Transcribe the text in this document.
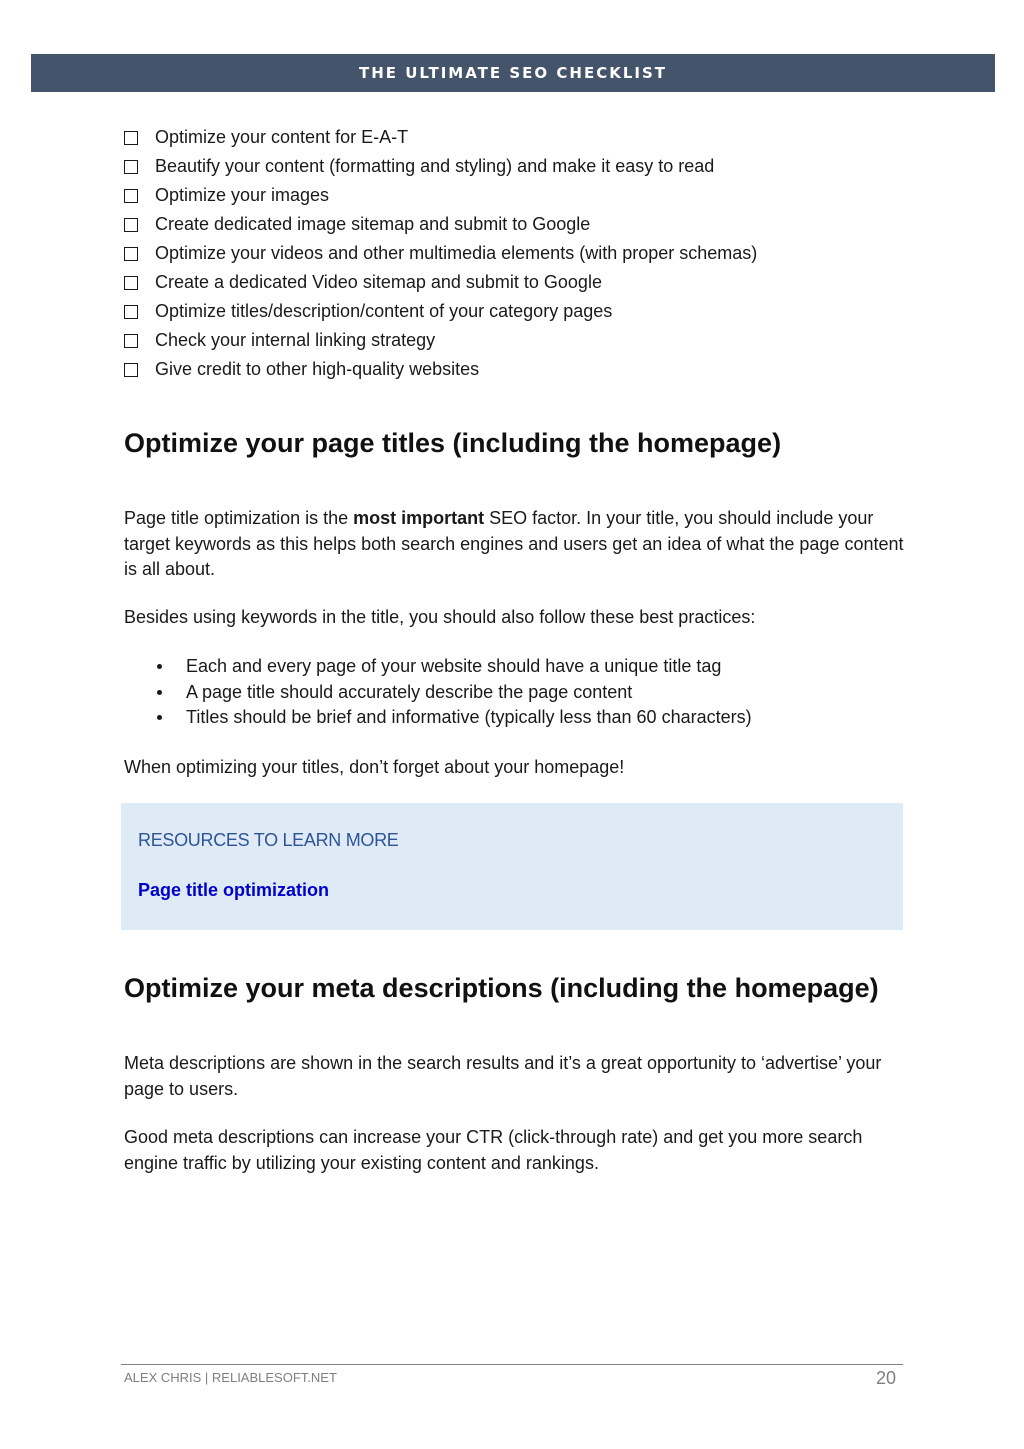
THE ULTIMATE SEO CHECKLIST
Optimize your content for E-A-T
Beautify your content (formatting and styling) and make it easy to read
Optimize your images
Create dedicated image sitemap and submit to Google
Optimize your videos and other multimedia elements (with proper schemas)
Create a dedicated Video sitemap and submit to Google
Optimize titles/description/content of your category pages
Check your internal linking strategy
Give credit to other high-quality websites
Optimize your page titles (including the homepage)

Page title optimization is the most important SEO factor. In your title, you should include your target keywords as this helps both search engines and users get an idea of what the page content is all about.

Besides using keywords in the title, you should also follow these best practices:

Each and every page of your website should have a unique title tag
A page title should accurately describe the page content
Titles should be brief and informative (typically less than 60 characters)

When optimizing your titles, don’t forget about your homepage!

RESOURCES TO LEARN MORE
Page title optimization
Optimize your meta descriptions (including the homepage)

Meta descriptions are shown in the search results and it’s a great opportunity to ‘advertise’ your page to users.

Good meta descriptions can increase your CTR (click-through rate) and get you more search engine traffic by utilizing your existing content and rankings.

ALEX CHRIS | RELIABLESOFT.NET	20
